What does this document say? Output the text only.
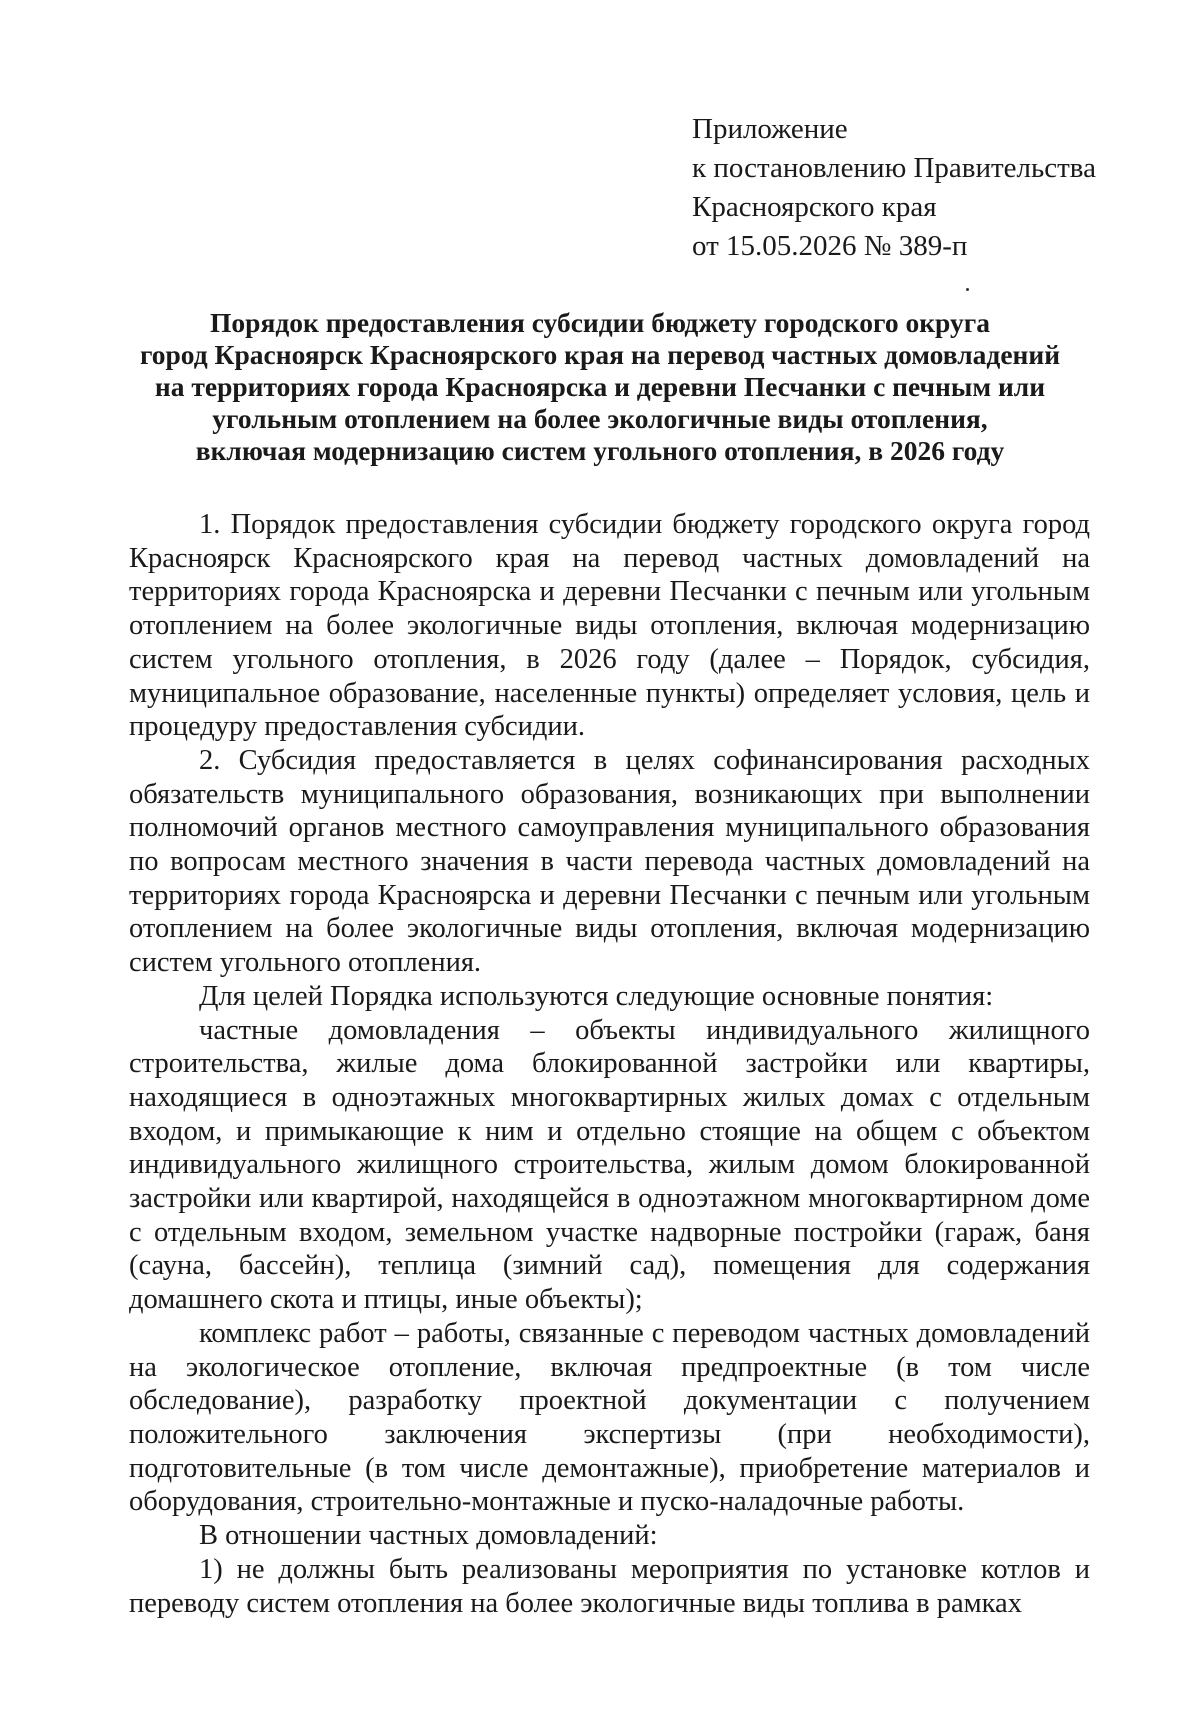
Приложение
к постановлению Правительства
Красноярского края
от 15.05.2026 № 389-п
Порядок предоставления субсидии бюджету городского округа
город Красноярск Красноярского края на перевод частных домовладений
на территориях города Красноярска и деревни Песчанки с печным или
угольным отоплением на более экологичные виды отопления,
включая модернизацию систем угольного отопления, в 2026 году

1. Порядок предоставления субсидии бюджету городского округа город Красноярск Красноярского края на перевод частных домовладений на территориях города Красноярска и деревни Песчанки с печным или угольным отоплением на более экологичные виды отопления, включая модернизацию систем угольного отопления, в 2026 году (далее – Порядок, субсидия, муниципальное образование, населенные пункты) определяет условия, цель и процедуру предоставления субсидии.

2. Субсидия предоставляется в целях софинансирования расходных обязательств муниципального образования, возникающих при выполнении полномочий органов местного самоуправления муниципального образования по вопросам местного значения в части перевода частных домовладений на территориях города Красноярска и деревни Песчанки с печным или угольным отоплением на более экологичные виды отопления, включая модернизацию систем угольного отопления.

Для целей Порядка используются следующие основные понятия:

частные домовладения – объекты индивидуального жилищного строительства, жилые дома блокированной застройки или квартиры, находящиеся в одноэтажных многоквартирных жилых домах с отдельным входом, и примыкающие к ним и отдельно стоящие на общем с объектом индивидуального жилищного строительства, жилым домом блокированной застройки или квартирой, находящейся в одноэтажном многоквартирном доме с отдельным входом, земельном участке надворные постройки (гараж, баня (сауна, бассейн), теплица (зимний сад), помещения для содержания домашнего скота и птицы, иные объекты);

комплекс работ – работы, связанные с переводом частных домовладений на экологическое отопление, включая предпроектные (в том числе обследование), разработку проектной документации с получением положительного заключения экспертизы (при необходимости), подготовительные (в том числе демонтажные), приобретение материалов и оборудования, строительно-монтажные и пуско-наладочные работы.

В отношении частных домовладений:

1) не должны быть реализованы мероприятия по установке котлов и переводу систем отопления на более экологичные виды топлива в рамках
